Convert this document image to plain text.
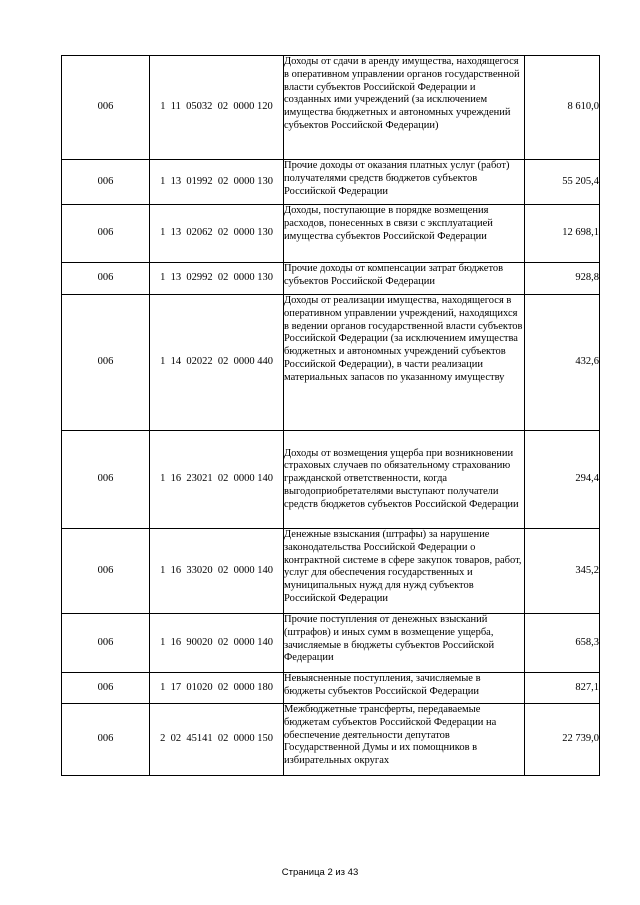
006	1  11  05032  02  0000 120	Доходы от сдачи в аренду имущества, находящегося в оперативном управлении органов государственной власти субъектов Российской Федерации и созданных ими учреждений (за исключением имущества бюджетных и автономных учреждений субъектов Российской Федерации)	8 610,0
006	1  13  01992  02  0000 130	Прочие доходы от оказания платных услуг (работ) получателями средств бюджетов субъектов Российской Федерации	55 205,4
006	1  13  02062  02  0000 130	Доходы, поступающие в порядке возмещения расходов, понесенных в связи с эксплуатацией имущества субъектов Российской Федерации	12 698,1
006	1  13  02992  02  0000 130	Прочие доходы от компенсации затрат бюджетов субъектов Российской Федерации	928,8
006	1  14  02022  02  0000 440	Доходы от реализации имущества, находящегося в оперативном управлении учреждений, находящихся в ведении органов государственной власти субъектов Российской Федерации (за исключением имущества бюджетных и автономных учреждений субъектов Российской Федерации), в части реализации материальных запасов по указанному имуществу	432,6
006	1  16  23021  02  0000 140	Доходы от возмещения ущерба при возникновении страховых случаев по обязательному страхованию гражданской ответственности, когда выгодоприобретателями выступают получатели средств бюджетов субъектов Российской Федерации	294,4
006	1  16  33020  02  0000 140	Денежные взыскания (штрафы) за нарушение законодательства Российской Федерации о контрактной системе в сфере закупок товаров, работ, услуг для обеспечения государственных и муниципальных нужд для нужд субъектов Российской Федерации	345,2
006	1  16  90020  02  0000 140	Прочие поступления от денежных взысканий (штрафов) и иных сумм в возмещение ущерба, зачисляемые в бюджеты субъектов Российской Федерации	658,3
006	1  17  01020  02  0000 180	Невыясненные поступления, зачисляемые в бюджеты субъектов Российской Федерации	827,1
006	2  02  45141  02  0000 150	Межбюджетные трансферты, передаваемые бюджетам субъектов Российской Федерации на обеспечение деятельности депутатов Государственной Думы и их помощников в избирательных округах	22 739,0
Страница 2 из 43
